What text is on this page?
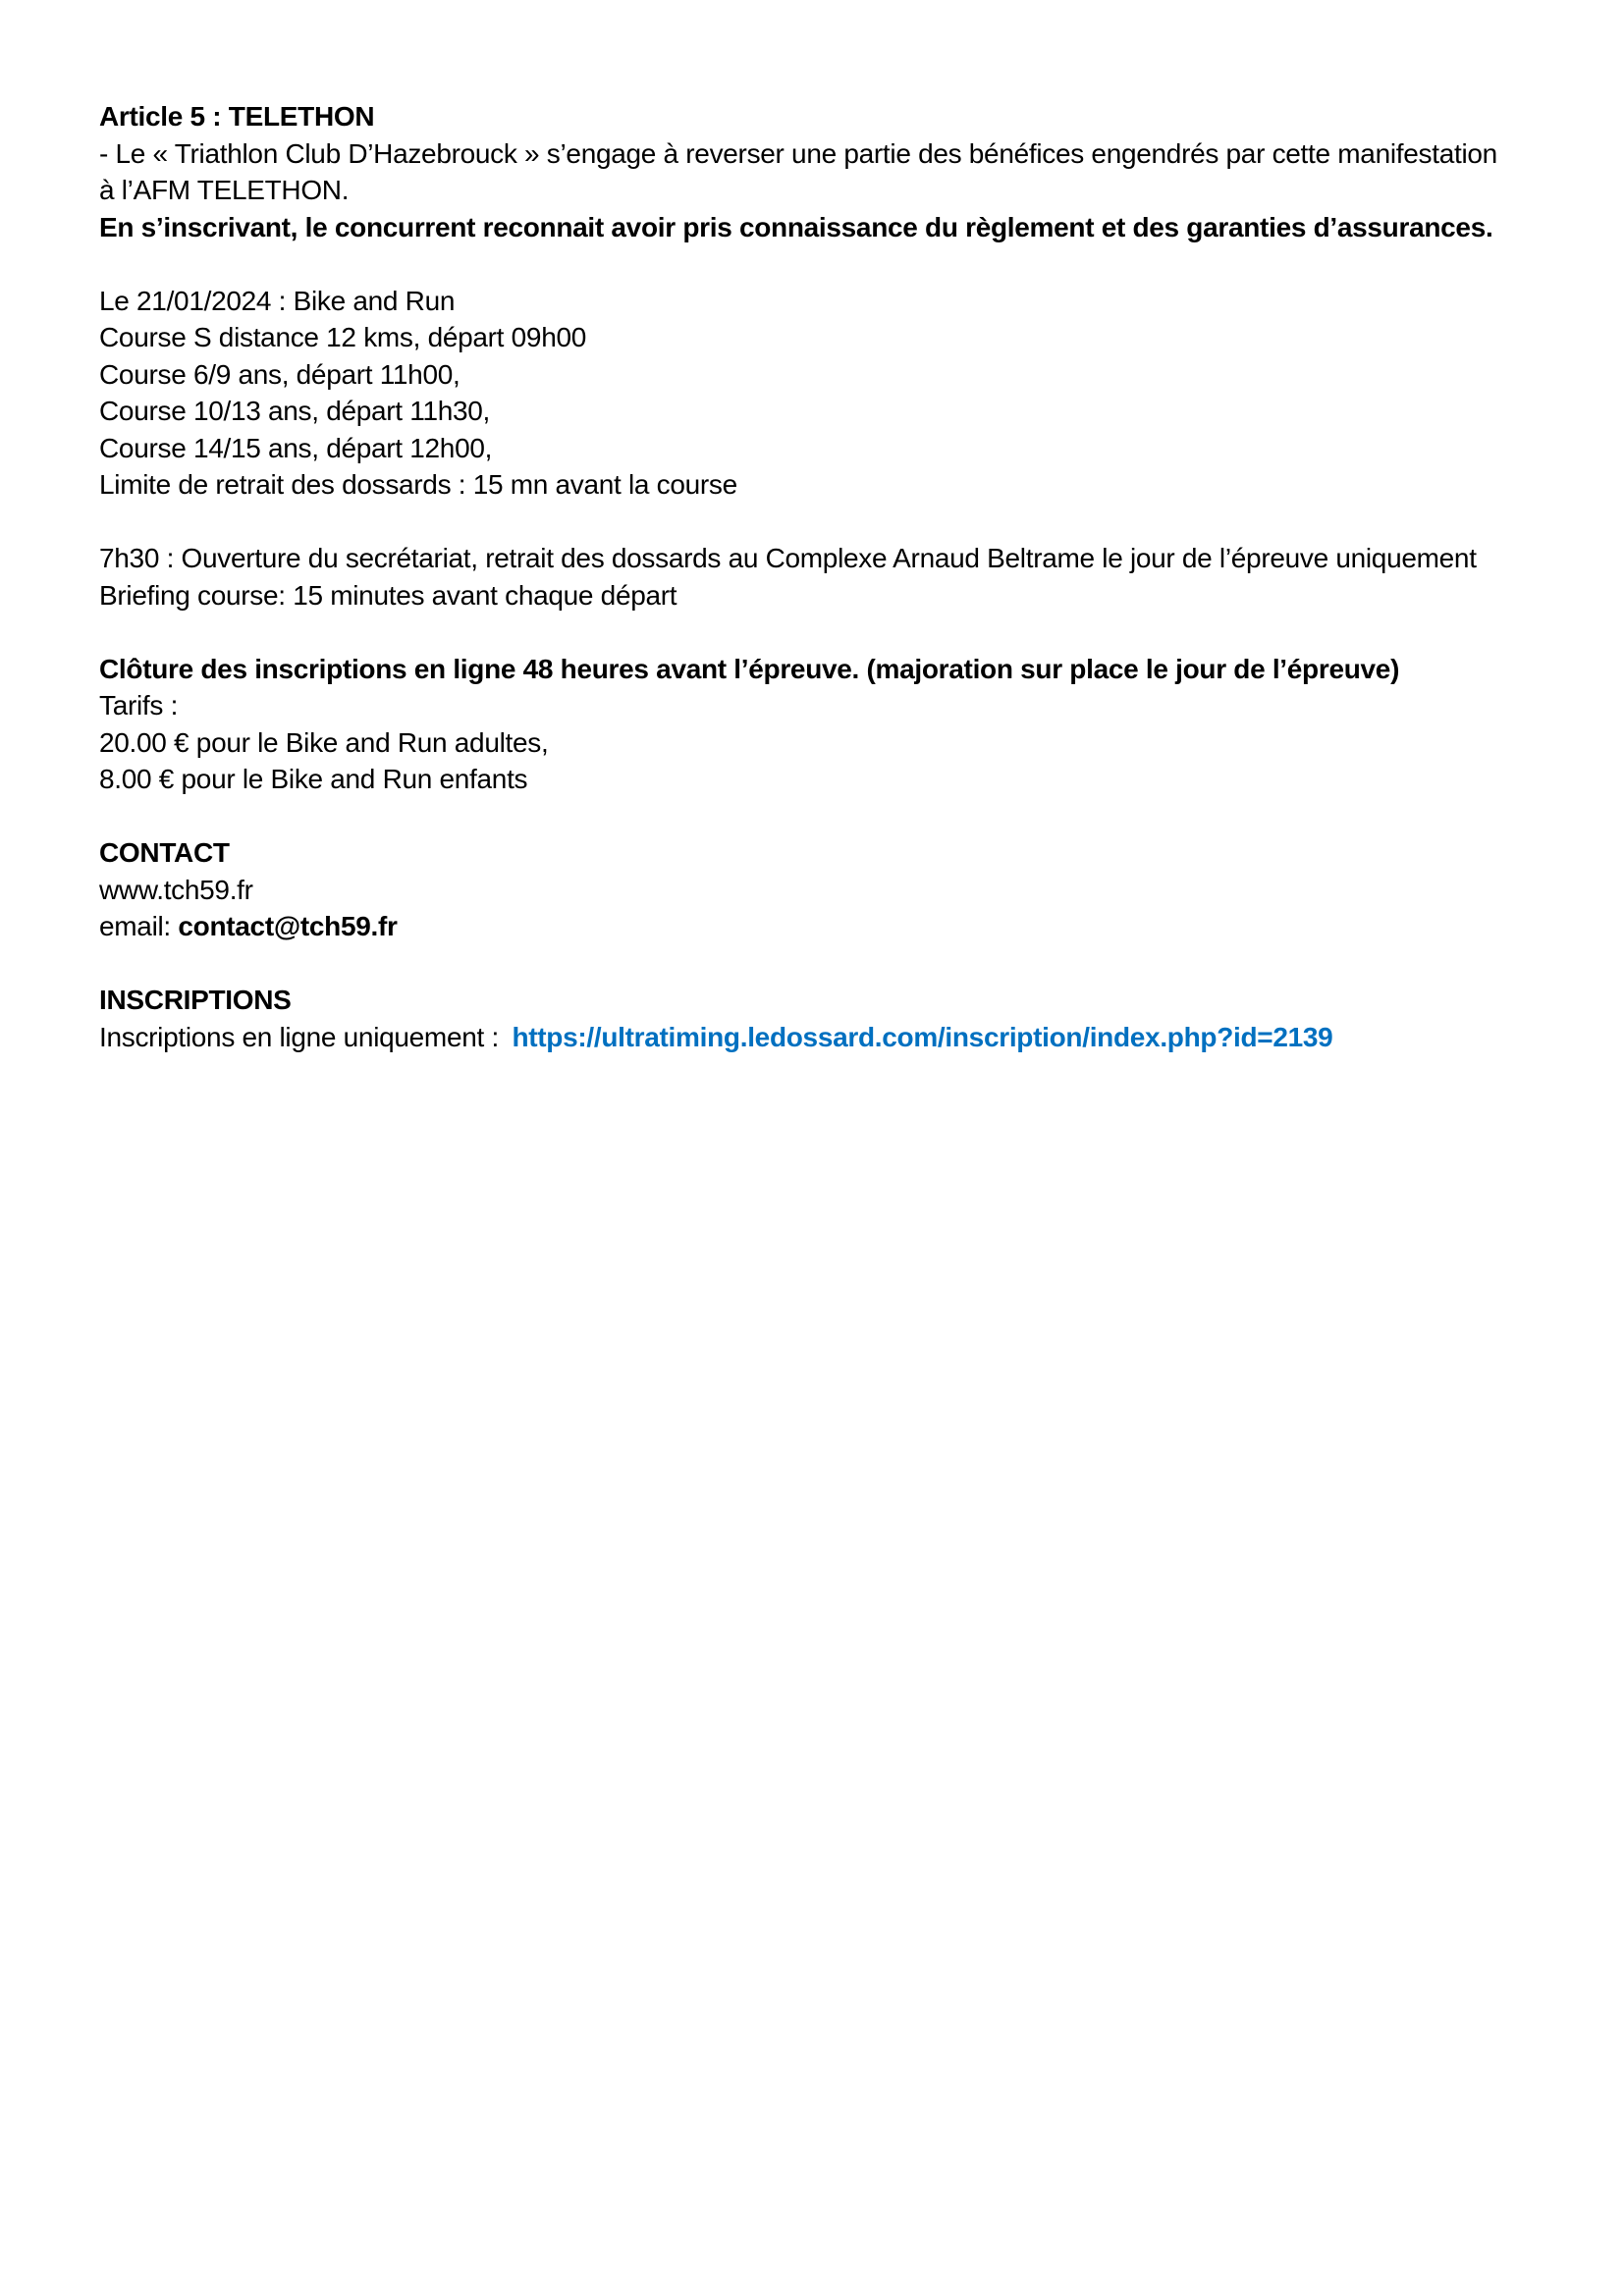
Article 5 : TELETHON
- Le « Triathlon Club D’Hazebrouck » s’engage à reverser une partie des bénéfices engendrés par cette manifestation
à l’AFM TELETHON.
En s’inscrivant, le concurrent reconnait avoir pris connaissance du règlement et des garanties d’assurances.
Le 21/01/2024 : Bike and Run
Course S distance 12 kms, départ 09h00
Course 6/9 ans, départ 11h00,
Course 10/13 ans, départ 11h30,
Course 14/15 ans, départ 12h00,
Limite de retrait des dossards : 15 mn avant la course
7h30 : Ouverture du secrétariat, retrait des dossards au Complexe Arnaud Beltrame le jour de l’épreuve uniquement
Briefing course: 15 minutes avant chaque départ
Clôture des inscriptions en ligne 48 heures avant l’épreuve. (majoration sur place le jour de l’épreuve)
Tarifs :
20.00 € pour le Bike and Run adultes,
8.00 € pour le Bike and Run enfants
CONTACT
www.tch59.fr
email: contact@tch59.fr
INSCRIPTIONS
Inscriptions en ligne uniquement : https://ultratiming.ledossard.com/inscription/index.php?id=2139
